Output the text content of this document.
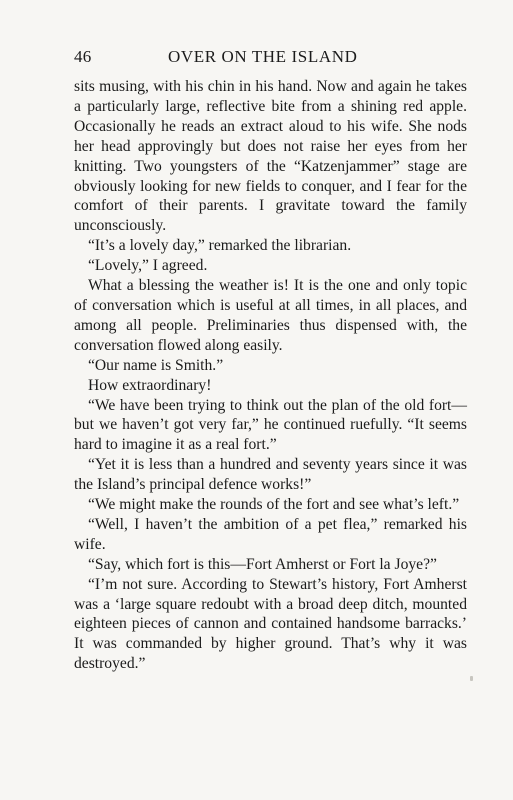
46	OVER ON THE ISLAND

sits musing, with his chin in his hand. Now and again he takes a particularly large, reflective bite from a shining red apple. Occasionally he reads an extract aloud to his wife. She nods her head approvingly but does not raise her eyes from her knitting. Two youngsters of the “Katzenjammer” stage are obviously looking for new fields to conquer, and I fear for the comfort of their parents. I gravitate toward the family unconsciously.

“It’s a lovely day,” remarked the librarian.

“Lovely,” I agreed.

What a blessing the weather is! It is the one and only topic of conversation which is useful at all times, in all places, and among all people. Preliminaries thus dispensed with, the conversation flowed along easily.

“Our name is Smith.”

How extraordinary!

“We have been trying to think out the plan of the old fort—but we haven’t got very far,” he continued ruefully. “It seems hard to imagine it as a real fort.”

“Yet it is less than a hundred and seventy years since it was the Island’s principal defence works!”

“We might make the rounds of the fort and see what’s left.”

“Well, I haven’t the ambition of a pet flea,” remarked his wife.

“Say, which fort is this—Fort Amherst or Fort la Joye?”

“I’m not sure. According to Stewart’s history, Fort Amherst was a ‘large square redoubt with a broad deep ditch, mounted eighteen pieces of cannon and contained handsome barracks.’ It was commanded by higher ground. That’s why it was destroyed.”
